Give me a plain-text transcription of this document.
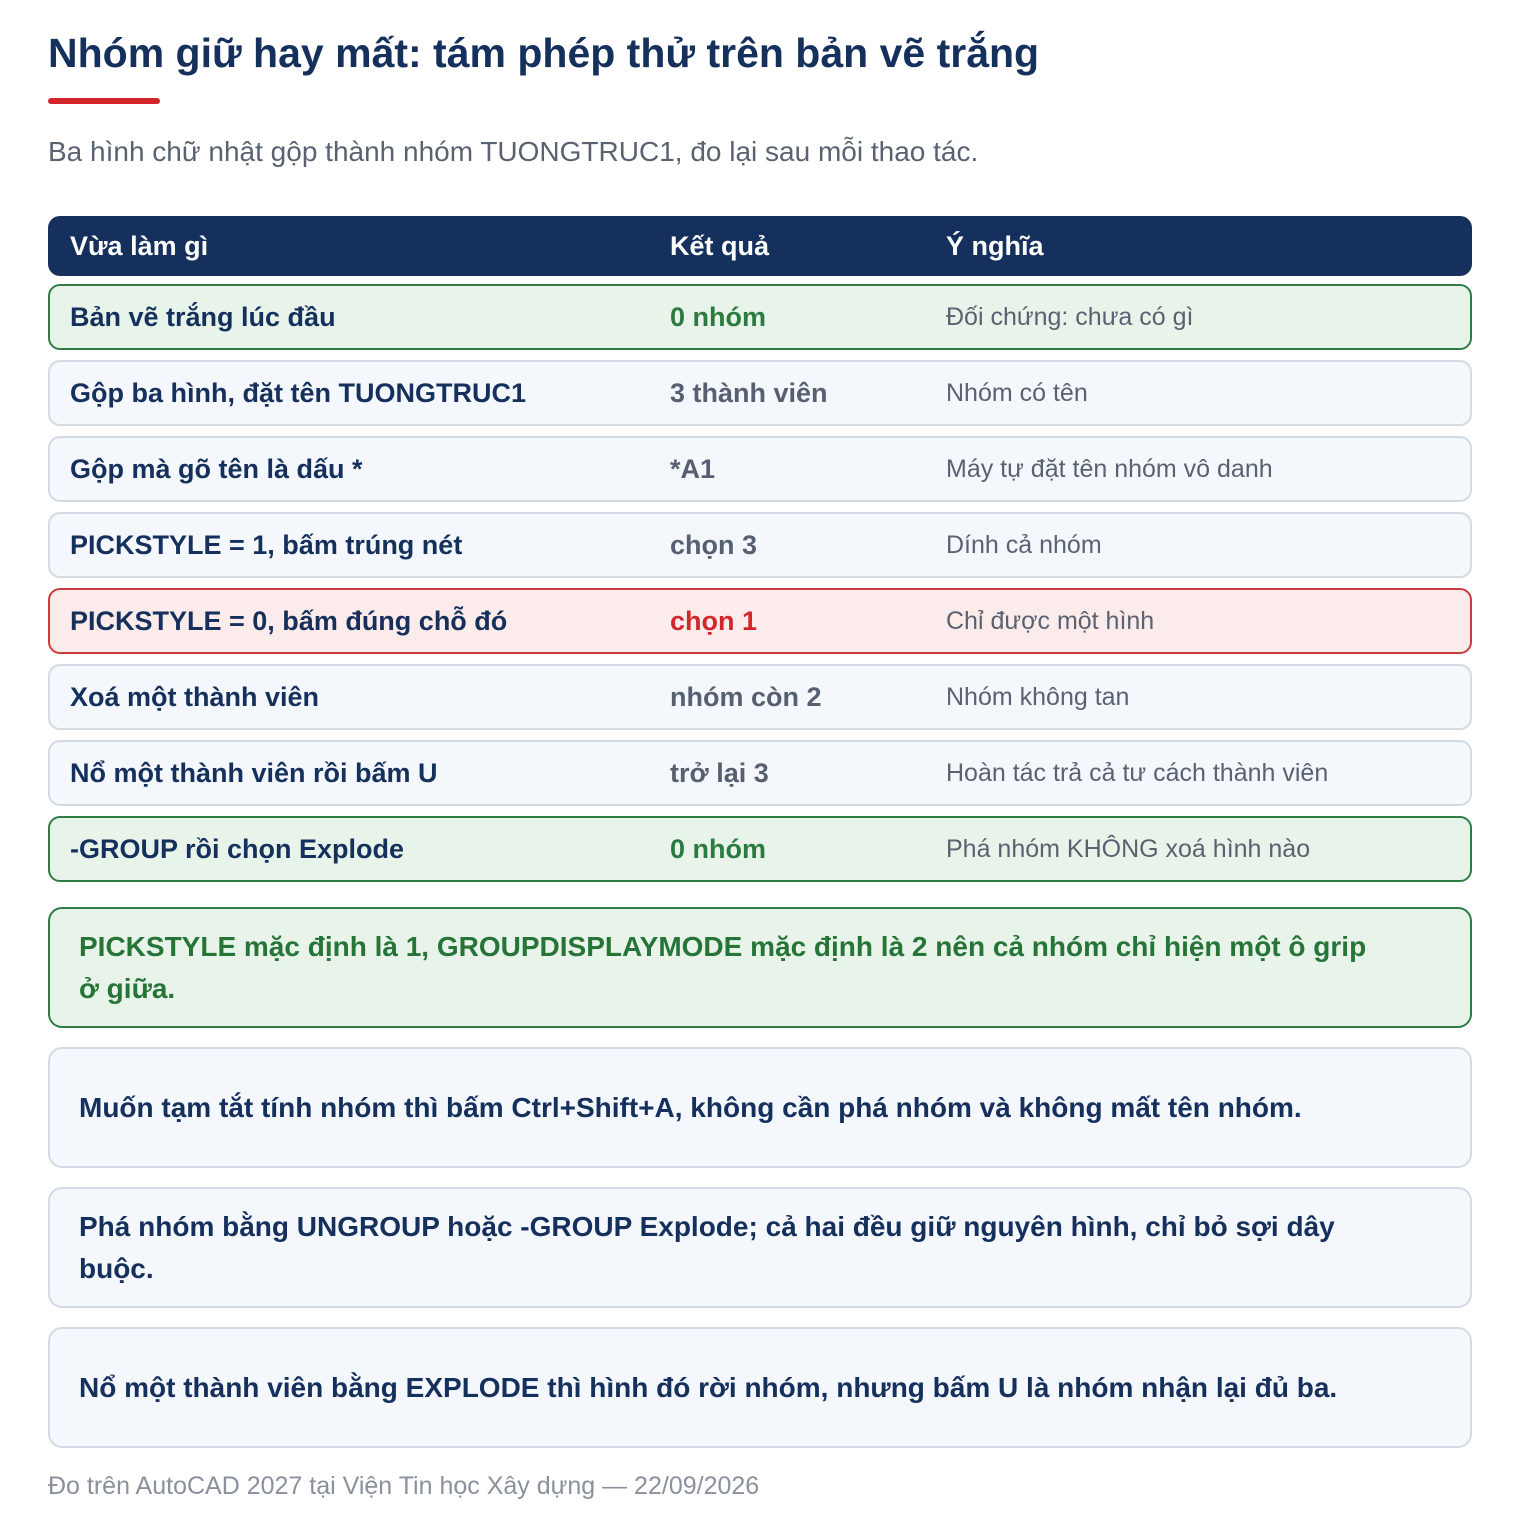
Nhóm giữ hay mất: tám phép thử trên bản vẽ trắng
Ba hình chữ nhật gộp thành nhóm TUONGTRUC1, đo lại sau mỗi thao tác.
Vừa làm gì	Kết quả	Ý nghĩa
Bản vẽ trắng lúc đầu	0 nhóm	Đối chứng: chưa có gì
Gộp ba hình, đặt tên TUONGTRUC1	3 thành viên	Nhóm có tên
Gộp mà gõ tên là dấu *	*A1	Máy tự đặt tên nhóm vô danh
PICKSTYLE = 1, bấm trúng nét	chọn 3	Dính cả nhóm
PICKSTYLE = 0, bấm đúng chỗ đó	chọn 1	Chỉ được một hình
Xoá một thành viên	nhóm còn 2	Nhóm không tan
Nổ một thành viên rồi bấm U	trở lại 3	Hoàn tác trả cả tư cách thành viên
-GROUP rồi chọn Explode	0 nhóm	Phá nhóm KHÔNG xoá hình nào
PICKSTYLE mặc định là 1, GROUPDISPLAYMODE mặc định là 2 nên cả nhóm chỉ hiện một ô grip ở giữa.
Muốn tạm tắt tính nhóm thì bấm Ctrl+Shift+A, không cần phá nhóm và không mất tên nhóm.
Phá nhóm bằng UNGROUP hoặc -GROUP Explode; cả hai đều giữ nguyên hình, chỉ bỏ sợi dây buộc.
Nổ một thành viên bằng EXPLODE thì hình đó rời nhóm, nhưng bấm U là nhóm nhận lại đủ ba.
Đo trên AutoCAD 2027 tại Viện Tin học Xây dựng — 22/09/2026
